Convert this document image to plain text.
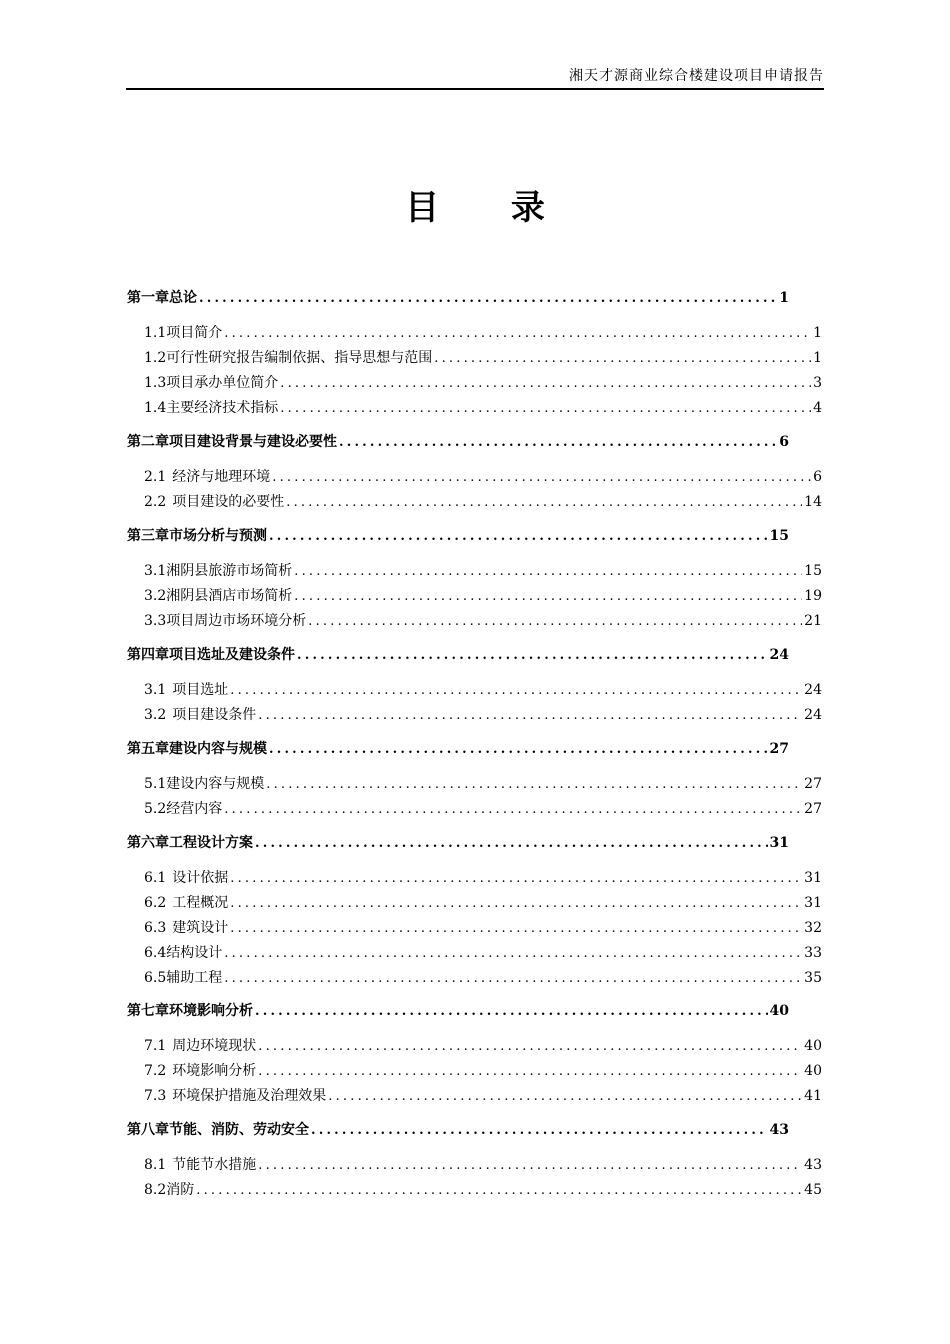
湘天才源商业综合楼建设项目申请报告
目 录
第一章 总论 .....	1
1.1 项目简介 .....	1
1.2 可行性研究报告编制依据、指导思想与范围 .....	1
1.3 项目承办单位简介 .....	3
1.4 主要经济技术指标 .....	4
第二章 项目建设背景与建设必要性 .....	6
2.1 经济与地理环境 .....	6
2.2 项目建设的必要性 .....	14
第三章 市场分析与预测 .....	15
3.1 湘阴县旅游市场简析 .....	15
3.2 湘阴县酒店市场简析 .....	19
3.3 项目周边市场环境分析 .....	21
第四章 项目选址及建设条件 .....	24
3.1 项目选址 .....	24
3.2 项目建设条件 .....	24
第五章 建设内容与规模 .....	27
5.1 建设内容与规模 .....	27
5.2 经营内容 .....	27
第六章 工程设计方案 .....	31
6.1 设计依据 .....	31
6.2 工程概况 .....	31
6.3 建筑设计 .....	32
6.4 结构设计 .....	33
6.5 辅助工程 .....	35
第七章 环境影响分析 .....	40
7.1 周边环境现状 .....	40
7.2 环境影响分析 .....	40
7.3 环境保护措施及治理效果 .....	41
第八章 节能、消防、劳动安全 .....	43
8.1 节能节水措施 .....	43
8.2 消防 .....	45
